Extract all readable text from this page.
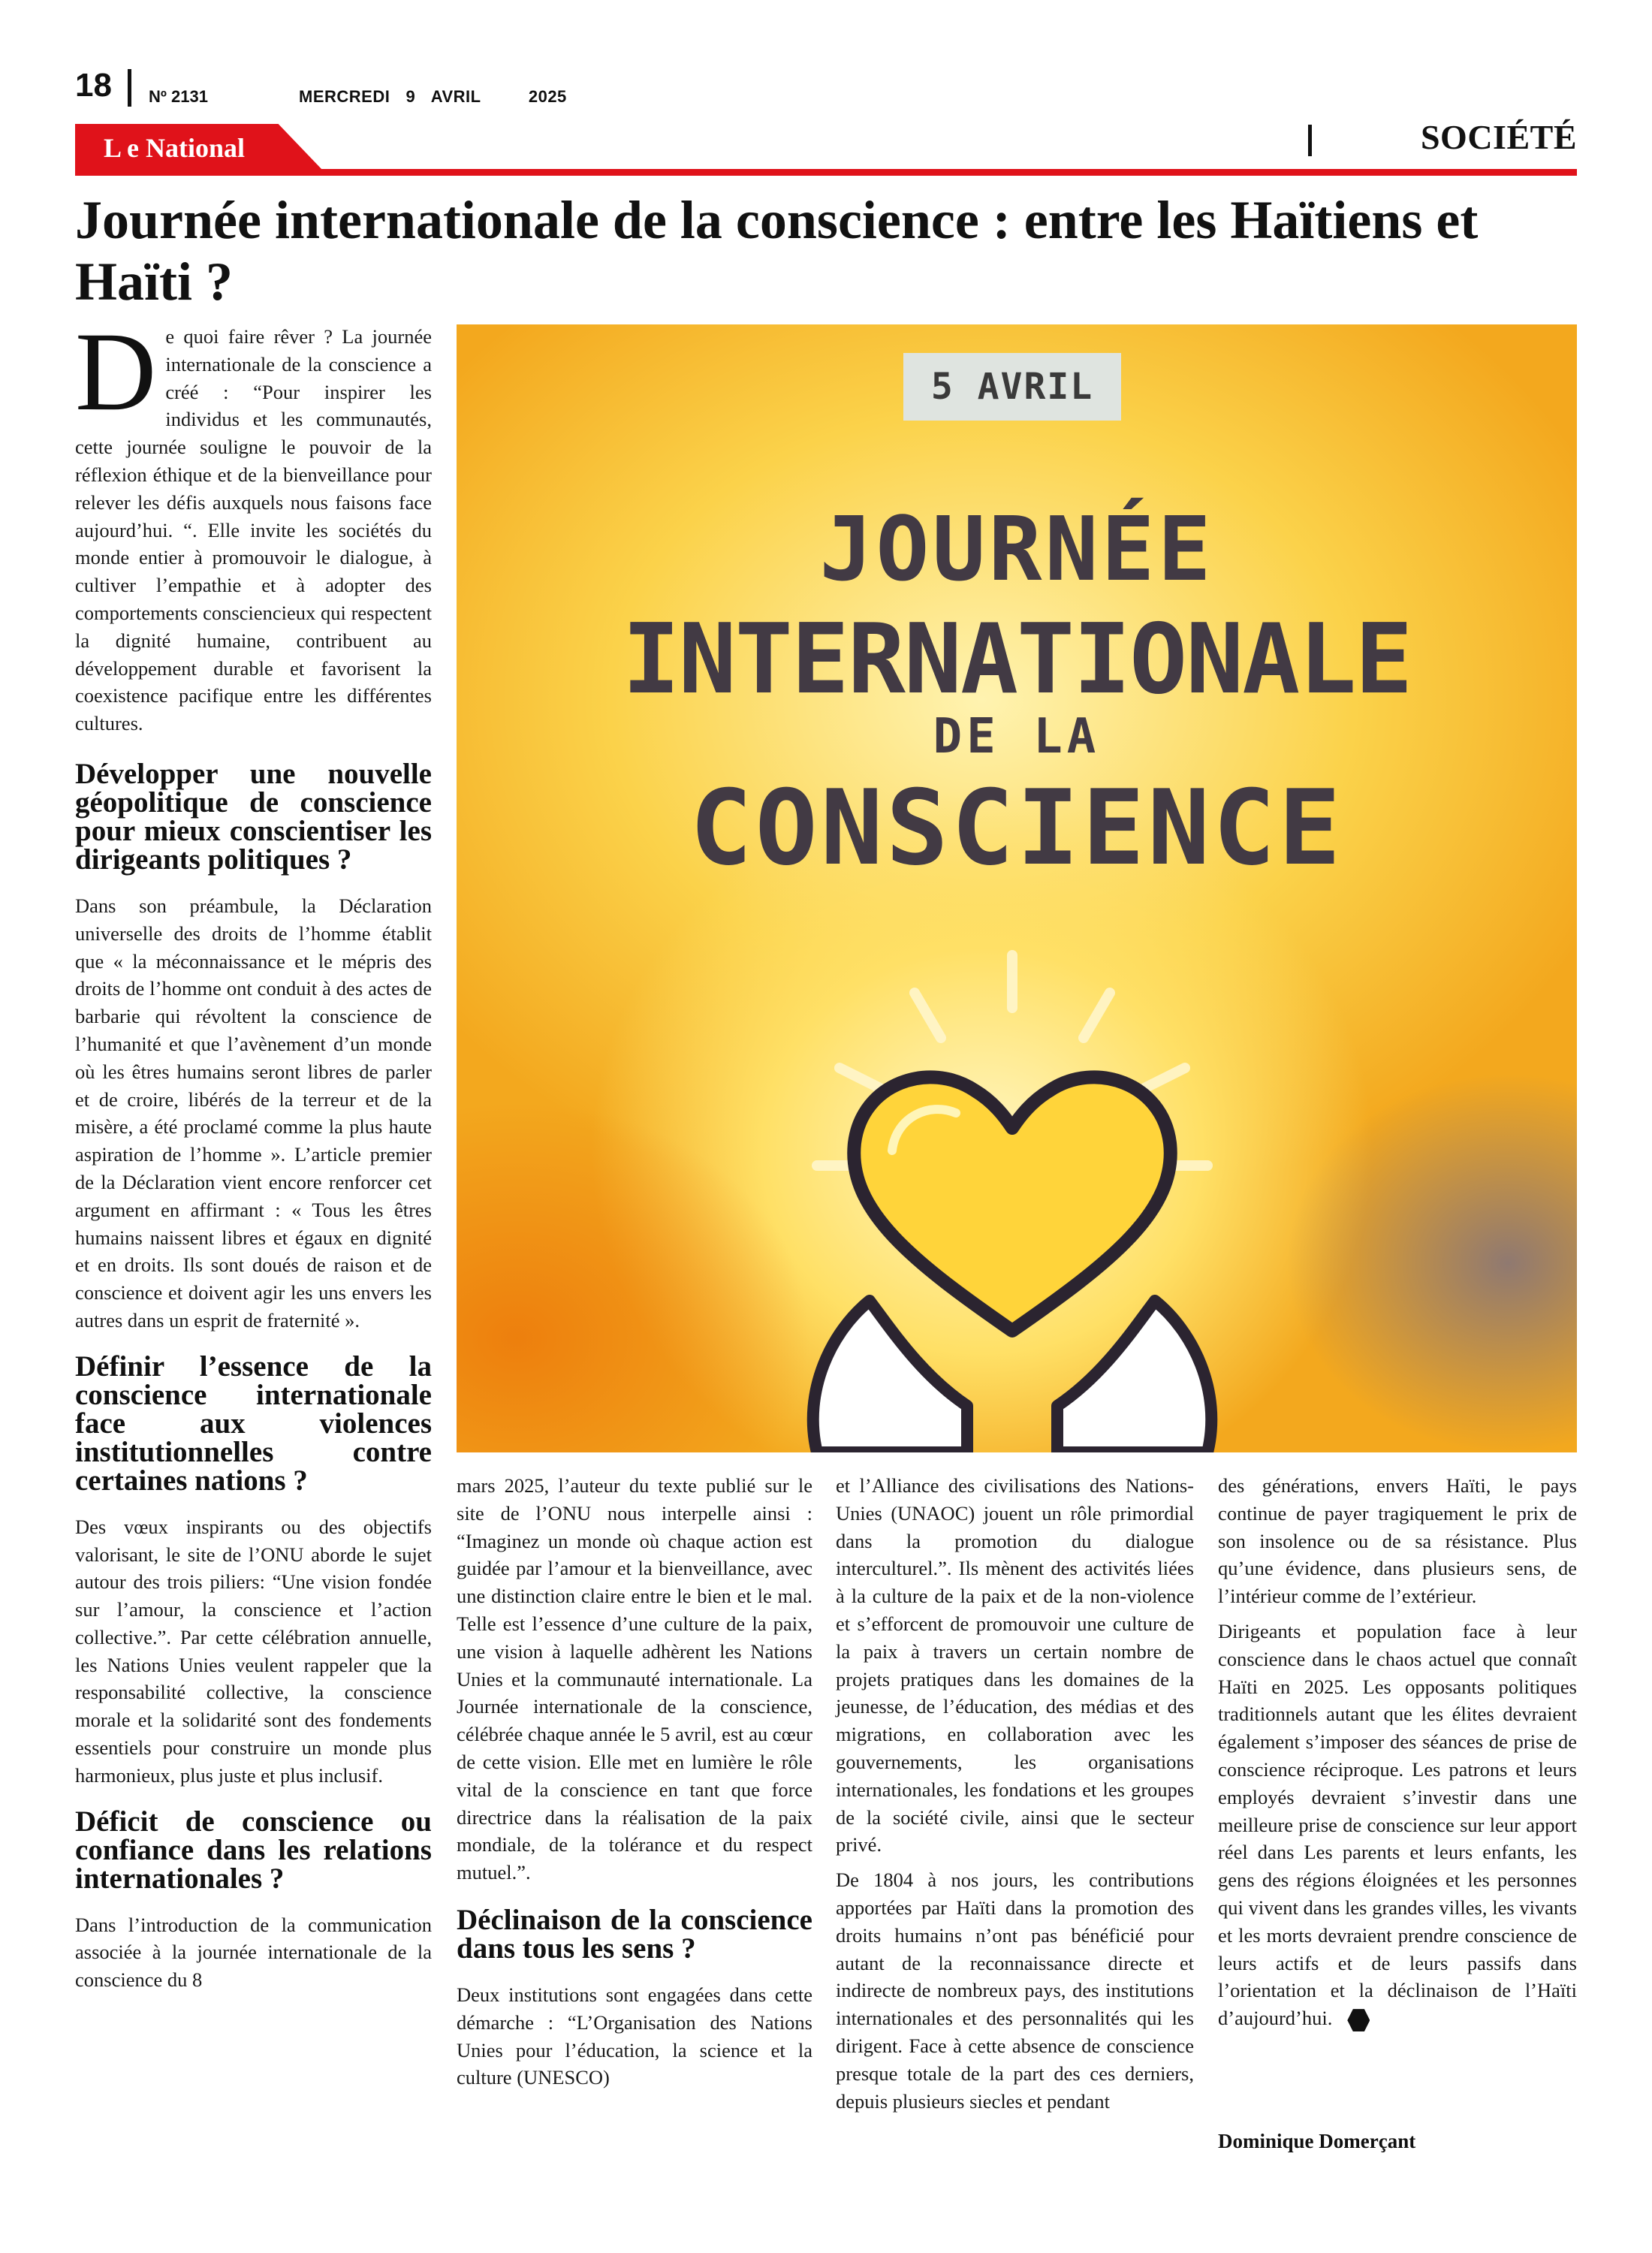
18 Nº 2131	MERCREDI  9  AVRIL      2025
L e National	SOCIÉTÉ
Journée internationale de la conscience : entre les Haïtiens et Haïti ?

De quoi faire rêver ? La journée internationale de la conscience a créé : “Pour inspirer les individus et les communautés, cette journée souligne le pouvoir de la réflexion éthique et de la bienveillance pour relever les défis auxquels nous faisons face aujourd’hui. “. Elle invite les sociétés du monde entier à promouvoir le dialogue, à cultiver l’empathie et à adopter des comportements consciencieux qui respectent la dignité humaine, contribuent au développement durable et favorisent la coexistence pacifique entre les différentes cultures.

Développer une nouvelle géopolitique de conscience pour mieux conscientiser les dirigeants politiques ?

Dans son préambule, la Déclaration universelle des droits de l’homme établit que « la méconnaissance et le mépris des droits de l’homme ont conduit à des actes de barbarie qui révoltent la conscience de l’humanité et que l’avènement d’un monde où les êtres humains seront libres de parler et de croire, libérés de la terreur et de la misère, a été proclamé comme la plus haute aspiration de l’homme ». L’article premier de la Déclaration vient encore renforcer cet argument en affirmant : « Tous les êtres humains naissent libres et égaux en dignité et en droits. Ils sont doués de raison et de conscience et doivent agir les uns envers les autres dans un esprit de fraternité ».

Définir l’essence de la conscience internationale face aux violences institutionnelles contre certaines nations ?

Des vœux inspirants ou des objectifs valorisant, le site de l’ONU aborde le sujet autour des trois piliers: “Une vision fondée sur l’amour, la conscience et l’action collective.”. Par cette célébration annuelle, les Nations Unies veulent rappeler que la responsabilité collective, la conscience morale et la solidarité sont des fondements essentiels pour construire un monde plus harmonieux, plus juste et plus inclusif.

Déficit de conscience ou confiance dans les relations internationales ?

Dans l’introduction de la communication associée à la journée internationale de la conscience du 8

5 AVRIL
JOURNÉE
INTERNATIONALE
DE LA
CONSCIENCE

mars 2025, l’auteur du texte publié sur le site de l’ONU nous interpelle ainsi : “Imaginez un monde où chaque action est guidée par l’amour et la bienveillance, avec une distinction claire entre le bien et le mal. Telle est l’essence d’une culture de la paix, une vision à laquelle adhèrent les Nations Unies et la communauté internationale. La Journée internationale de la conscience, célébrée chaque année le 5 avril, est au cœur de cette vision. Elle met en lumière le rôle vital de la conscience en tant que force directrice dans la réalisation de la paix mondiale, de la tolérance et du respect mutuel.”.

Déclinaison de la conscience dans tous les sens ?

Deux institutions sont engagées dans cette démarche : “L’Organisation des Nations Unies pour l’éducation, la science et la culture (UNESCO)

et l’Alliance des civilisations des Nations-Unies (UNAOC) jouent un rôle primordial dans la promotion du dialogue interculturel.”. Ils mènent des activités liées à la culture de la paix et de la non-violence et s’efforcent de promouvoir une culture de la paix à travers un certain nombre de projets pratiques dans les domaines de la jeunesse, de l’éducation, des médias et des migrations, en collaboration avec les gouvernements, les organisations internationales, les fondations et les groupes de la société civile, ainsi que le secteur privé.

De 1804 à nos jours, les contributions apportées par Haïti dans la promotion des droits humains n’ont pas bénéficié pour autant de la reconnaissance directe et indirecte de nombreux pays, des institutions internationales et des personnalités qui les dirigent. Face à cette absence de conscience presque totale de la part des ces derniers, depuis plusieurs siecles et pendant

des générations, envers Haïti, le pays continue de payer tragiquement le prix de son insolence ou de sa résistance. Plus qu’une évidence, dans plusieurs sens, de l’intérieur comme de l’extérieur.

Dirigeants et population face à leur conscience dans le chaos actuel que connaît Haïti en 2025. Les opposants politiques traditionnels autant que les élites devraient également s’imposer des séances de prise de conscience réciproque. Les patrons et leurs employés devraient s’investir dans une meilleure prise de conscience sur leur apport réel dans Les parents et leurs enfants, les gens des régions éloignées et les personnes qui vivent dans les grandes villes, les vivants et les morts devraient prendre conscience de leurs actifs et de leurs passifs dans l’orientation et la déclinaison de l’Haïti d’aujourd’hui.

Dominique Domerçant
